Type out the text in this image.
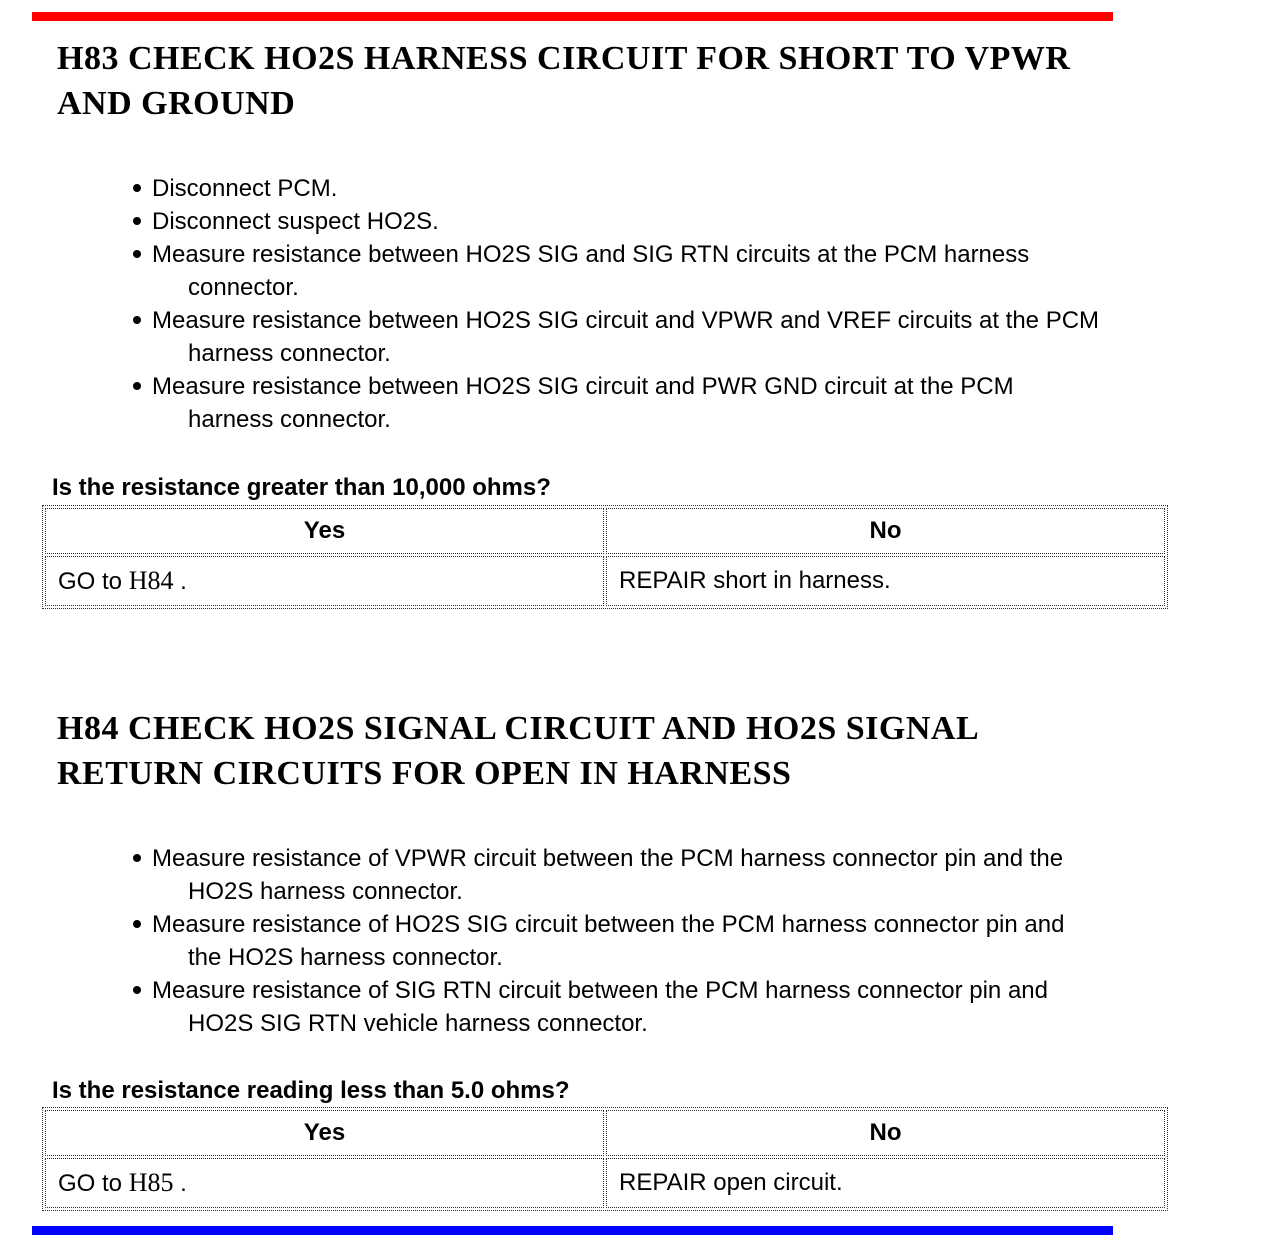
H83 CHECK HO2S HARNESS CIRCUIT FOR SHORT TO VPWR
AND GROUND
Disconnect PCM.
Disconnect suspect HO2S.
Measure resistance between HO2S SIG and SIG RTN circuits at the PCM harness
connector.
Measure resistance between HO2S SIG circuit and VPWR and VREF circuits at the PCM
harness connector.
Measure resistance between HO2S SIG circuit and PWR GND circuit at the PCM
harness connector.
Is the resistance greater than 10,000 ohms?
Yes	No
GO to H84 .	REPAIR short in harness.
H84 CHECK HO2S SIGNAL CIRCUIT AND HO2S SIGNAL
RETURN CIRCUITS FOR OPEN IN HARNESS
Measure resistance of VPWR circuit between the PCM harness connector pin and the
HO2S harness connector.
Measure resistance of HO2S SIG circuit between the PCM harness connector pin and
the HO2S harness connector.
Measure resistance of SIG RTN circuit between the PCM harness connector pin and
HO2S SIG RTN vehicle harness connector.
Is the resistance reading less than 5.0 ohms?
Yes	No
GO to H85 .	REPAIR open circuit.
